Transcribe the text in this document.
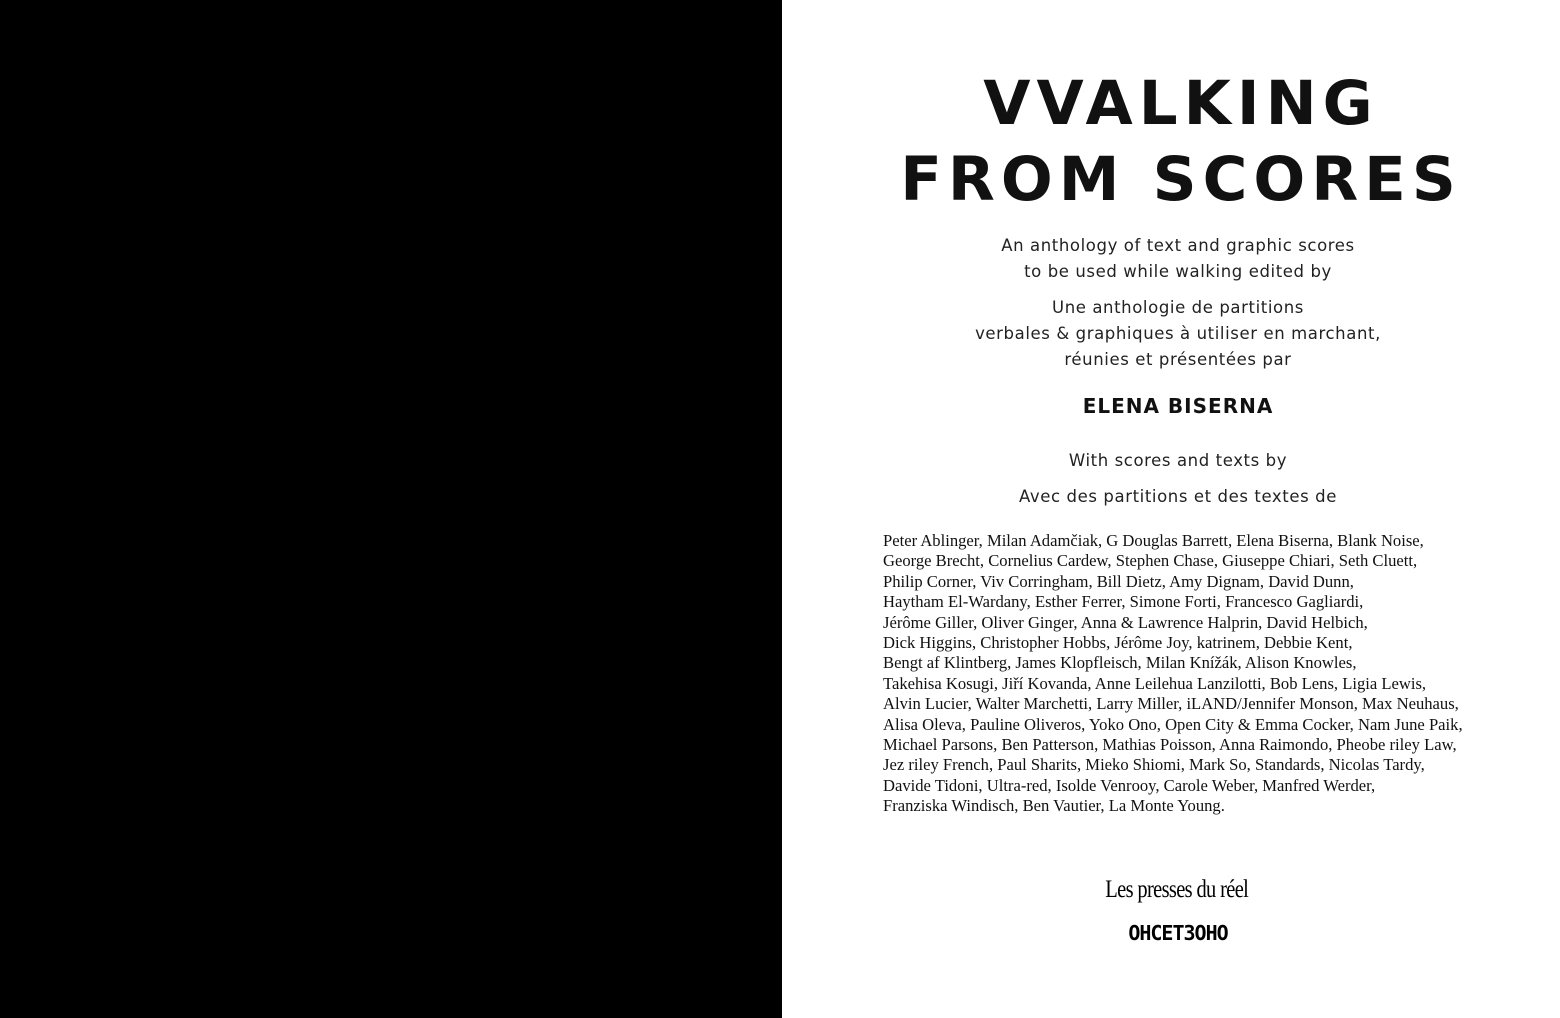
VVALKING
FROM SCORES
An anthology of text and graphic scores
to be used while walking edited by
Une anthologie de partitions
verbales & graphiques à utiliser en marchant,
réunies et présentées par
ELENA BISERNA
With scores and texts by
Avec des partitions et des textes de
Peter Ablinger, Milan Adamčiak, G Douglas Barrett, Elena Biserna, Blank Noise,
George Brecht, Cornelius Cardew, Stephen Chase, Giuseppe Chiari, Seth Cluett,
Philip Corner, Viv Corringham, Bill Dietz, Amy Dignam, David Dunn,
Haytham El-Wardany, Esther Ferrer, Simone Forti, Francesco Gagliardi,
Jérôme Giller, Oliver Ginger, Anna & Lawrence Halprin, David Helbich,
Dick Higgins, Christopher Hobbs, Jérôme Joy, katrinem, Debbie Kent,
Bengt af Klintberg, James Klopfleisch, Milan Knížák, Alison Knowles,
Takehisa Kosugi, Jiří Kovanda, Anne Leilehua Lanzilotti, Bob Lens, Ligia Lewis,
Alvin Lucier, Walter Marchetti, Larry Miller, iLAND/Jennifer Monson, Max Neuhaus,
Alisa Oleva, Pauline Oliveros, Yoko Ono, Open City & Emma Cocker, Nam June Paik,
Michael Parsons, Ben Patterson, Mathias Poisson, Anna Raimondo, Pheobe riley Law,
Jez riley French, Paul Sharits, Mieko Shiomi, Mark So, Standards, Nicolas Tardy,
Davide Tidoni, Ultra-red, Isolde Venrooy, Carole Weber, Manfred Werder,
Franziska Windisch, Ben Vautier, La Monte Young.
Les presses du réel
OHCET3OHO
